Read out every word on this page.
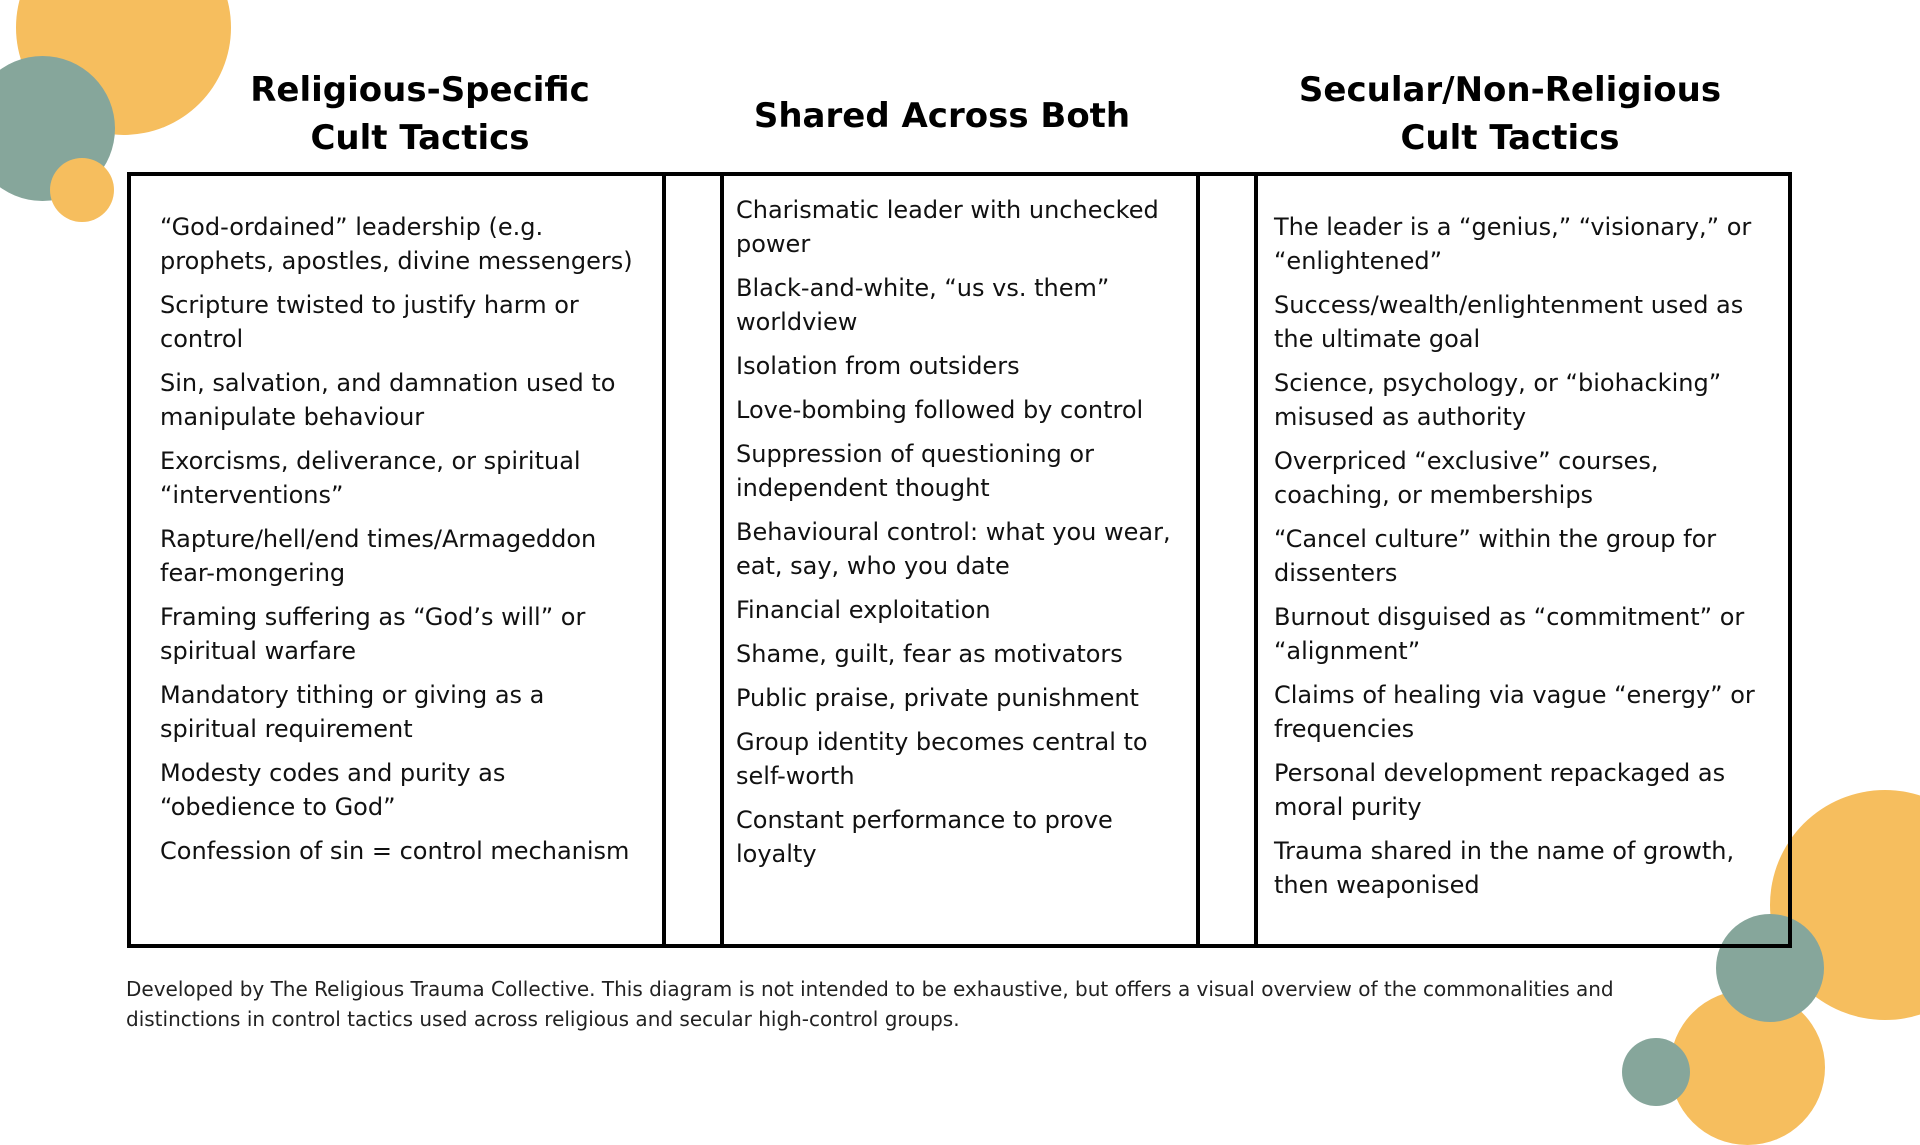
Religious-Specific
Cult Tactics
Shared Across Both
Secular/Non-Religious
Cult Tactics
“God-ordained” leadership (e.g. prophets, apostles, divine messengers)
Scripture twisted to justify harm or control
Sin, salvation, and damnation used to manipulate behaviour
Exorcisms, deliverance, or spiritual “interventions”
Rapture/hell/end times/Armageddon fear-mongering
Framing suffering as “God’s will” or spiritual warfare
Mandatory tithing or giving as a spiritual requirement
Modesty codes and purity as “obedience to God”
Confession of sin = control mechanism
Charismatic leader with unchecked power
Black-and-white, “us vs. them” worldview
Isolation from outsiders
Love-bombing followed by control
Suppression of questioning or independent thought
Behavioural control: what you wear, eat, say, who you date
Financial exploitation
Shame, guilt, fear as motivators
Public praise, private punishment
Group identity becomes central to self-worth
Constant performance to prove loyalty
The leader is a “genius,” “visionary,” or “enlightened”
Success/wealth/enlightenment used as the ultimate goal
Science, psychology, or “biohacking” misused as authority
Overpriced “exclusive” courses, coaching, or memberships
“Cancel culture” within the group for dissenters
Burnout disguised as “commitment” or “alignment”
Claims of healing via vague “energy” or frequencies
Personal development repackaged as moral purity
Trauma shared in the name of growth, then weaponised
Developed by The Religious Trauma Collective. This diagram is not intended to be exhaustive, but offers a visual overview of the commonalities and distinctions in control tactics used across religious and secular high-control groups.
